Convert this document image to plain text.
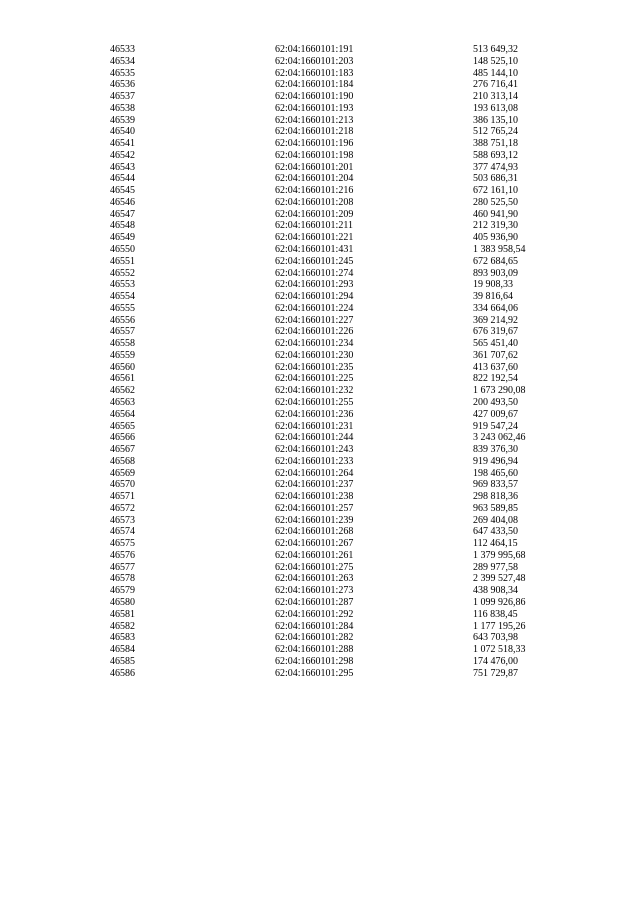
46533	62:04:1660101:191	513 649,32
46534	62:04:1660101:203	148 525,10
46535	62:04:1660101:183	485 144,10
46536	62:04:1660101:184	276 716,41
46537	62:04:1660101:190	210 313,14
46538	62:04:1660101:193	193 613,08
46539	62:04:1660101:213	386 135,10
46540	62:04:1660101:218	512 765,24
46541	62:04:1660101:196	388 751,18
46542	62:04:1660101:198	588 693,12
46543	62:04:1660101:201	377 474,93
46544	62:04:1660101:204	503 686,31
46545	62:04:1660101:216	672 161,10
46546	62:04:1660101:208	280 525,50
46547	62:04:1660101:209	460 941,90
46548	62:04:1660101:211	212 319,30
46549	62:04:1660101:221	405 936,90
46550	62:04:1660101:431	1 383 958,54
46551	62:04:1660101:245	672 684,65
46552	62:04:1660101:274	893 903,09
46553	62:04:1660101:293	19 908,33
46554	62:04:1660101:294	39 816,64
46555	62:04:1660101:224	334 664,06
46556	62:04:1660101:227	369 214,92
46557	62:04:1660101:226	676 319,67
46558	62:04:1660101:234	565 451,40
46559	62:04:1660101:230	361 707,62
46560	62:04:1660101:235	413 637,60
46561	62:04:1660101:225	822 192,54
46562	62:04:1660101:232	1 673 290,08
46563	62:04:1660101:255	200 493,50
46564	62:04:1660101:236	427 009,67
46565	62:04:1660101:231	919 547,24
46566	62:04:1660101:244	3 243 062,46
46567	62:04:1660101:243	839 376,30
46568	62:04:1660101:233	919 496,94
46569	62:04:1660101:264	198 465,60
46570	62:04:1660101:237	969 833,57
46571	62:04:1660101:238	298 818,36
46572	62:04:1660101:257	963 589,85
46573	62:04:1660101:239	269 404,08
46574	62:04:1660101:268	647 433,50
46575	62:04:1660101:267	112 464,15
46576	62:04:1660101:261	1 379 995,68
46577	62:04:1660101:275	289 977,58
46578	62:04:1660101:263	2 399 527,48
46579	62:04:1660101:273	438 908,34
46580	62:04:1660101:287	1 099 926,86
46581	62:04:1660101:292	116 838,45
46582	62:04:1660101:284	1 177 195,26
46583	62:04:1660101:282	643 703,98
46584	62:04:1660101:288	1 072 518,33
46585	62:04:1660101:298	174 476,00
46586	62:04:1660101:295	751 729,87
